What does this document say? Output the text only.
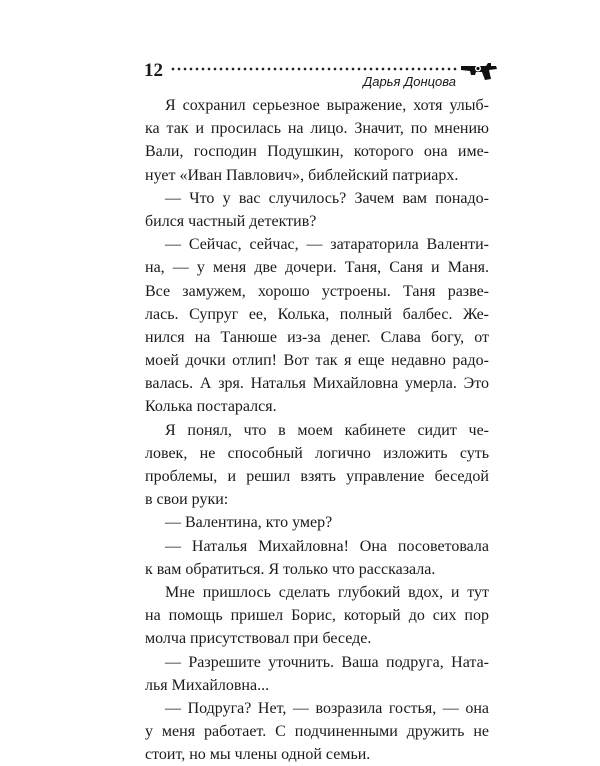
12
Дарья Донцова
Я сохранил серьезное выражение, хотя улыб-
ка так и просилась на лицо. Значит, по мнению
Вали, господин Подушкин, которого она име-
нует «Иван Павлович», библейский патриарх.
— Что у вас случилось? Зачем вам понадо-
бился частный детектив?
— Сейчас, сейчас, — затараторила Валенти-
на, — у меня две дочери. Таня, Саня и Маня.
Все замужем, хорошо устроены. Таня разве-
лась. Супруг ее, Колька, полный балбес. Же-
нился на Танюше из-за денег. Слава богу, от
моей дочки отлип! Вот так я еще недавно радо-
валась. А зря. Наталья Михайловна умерла. Это
Колька постарался.
Я понял, что в моем кабинете сидит че-
ловек, не способный логично изложить суть
проблемы, и решил взять управление беседой
в свои руки:
— Валентина, кто умер?
— Наталья Михайловна! Она посоветовала
к вам обратиться. Я только что рассказала.
Мне пришлось сделать глубокий вдох, и тут
на помощь пришел Борис, который до сих пор
молча присутствовал при беседе.
— Разрешите уточнить. Ваша подруга, Ната-
лья Михайловна...
— Подруга? Нет, — возразила гостья, — она
у меня работает. С подчиненными дружить не
стоит, но мы члены одной семьи.
